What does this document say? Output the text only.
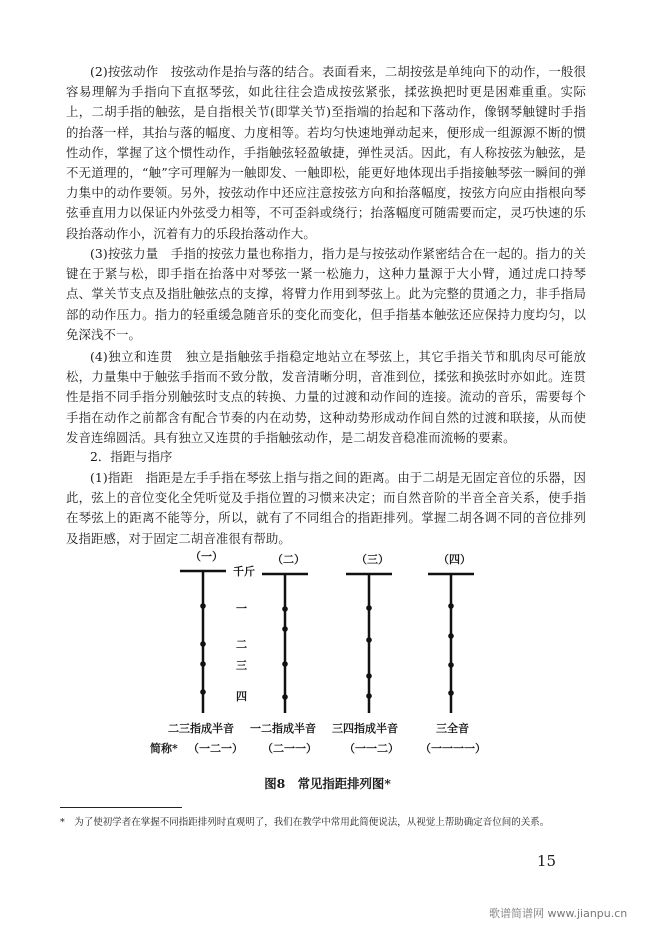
(2)按弦动作　按弦动作是抬与落的结合。表面看来，二胡按弦是单纯向下的动作，一般很容易理解为手指向下直抠琴弦，如此往往会造成按弦紧张，揉弦换把时更是困难重重。实际上，二胡手指的触弦，是自指根关节(即掌关节)至指端的抬起和下落动作，像钢琴触键时手指的抬落一样，其抬与落的幅度、力度相等。若均匀快速地弹动起来，便形成一组源源不断的惯性动作，掌握了这个惯性动作，手指触弦轻盈敏捷，弹性灵活。因此，有人称按弦为触弦，是不无道理的，“触”字可理解为一触即发、一触即松，能更好地体现出手指接触琴弦一瞬间的弹力集中的动作要领。另外，按弦动作中还应注意按弦方向和抬落幅度，按弦方向应由指根向琴弦垂直用力以保证内外弦受力相等，不可歪斜或绕行；抬落幅度可随需要而定，灵巧快速的乐段抬落动作小，沉着有力的乐段抬落动作大。

(3)按弦力量　手指的按弦力量也称指力，指力是与按弦动作紧密结合在一起的。指力的关键在于紧与松，即手指在抬落中对琴弦一紧一松施力，这种力量源于大小臂，通过虎口持琴点、掌关节支点及指肚触弦点的支撑，将臂力作用到琴弦上。此为完整的贯通之力，非手指局部的动作压力。指力的轻重缓急随音乐的变化而变化，但手指基本触弦还应保持力度均匀，以免深浅不一。

(4)独立和连贯　独立是指触弦手指稳定地站立在琴弦上，其它手指关节和肌肉尽可能放松，力量集中于触弦手指而不致分散，发音清晰分明，音准到位，揉弦和换弦时亦如此。连贯性是指不同手指分别触弦时支点的转换、力量的过渡和动作间的连接。流动的音乐，需要每个手指在动作之前都含有配合节奏的内在动势，这种动势形成动作间自然的过渡和联接，从而使发音连绵圆活。具有独立又连贯的手指触弦动作，是二胡发音稳准而流畅的要素。

2．指距与指序

(1)指距　指距是左手手指在琴弦上指与指之间的距离。由于二胡是无固定音位的乐器，因此，弦上的音位变化全凭听觉及手指位置的习惯来决定；而自然音阶的半音全音关系，使手指在琴弦上的距离不能等分，所以，就有了不同组合的指距排列。掌握二胡各调不同的音位排列及指距感，对于固定二胡音准很有帮助。

（一）	（二）	（三）	（四）
千斤
一
二
三
四
二三指成半音 一二指成半音 三四指成半音	三全音
简称* （一二一） （二一一） （一一二） （一一一一）
图8　常见指距排列图*

*　为了使初学者在掌握不同指距排列时直观明了，我们在教学中常用此简便说法，从视觉上帮助确定音位间的关系。

15
歌谱简谱网 www.jianpu.cn
